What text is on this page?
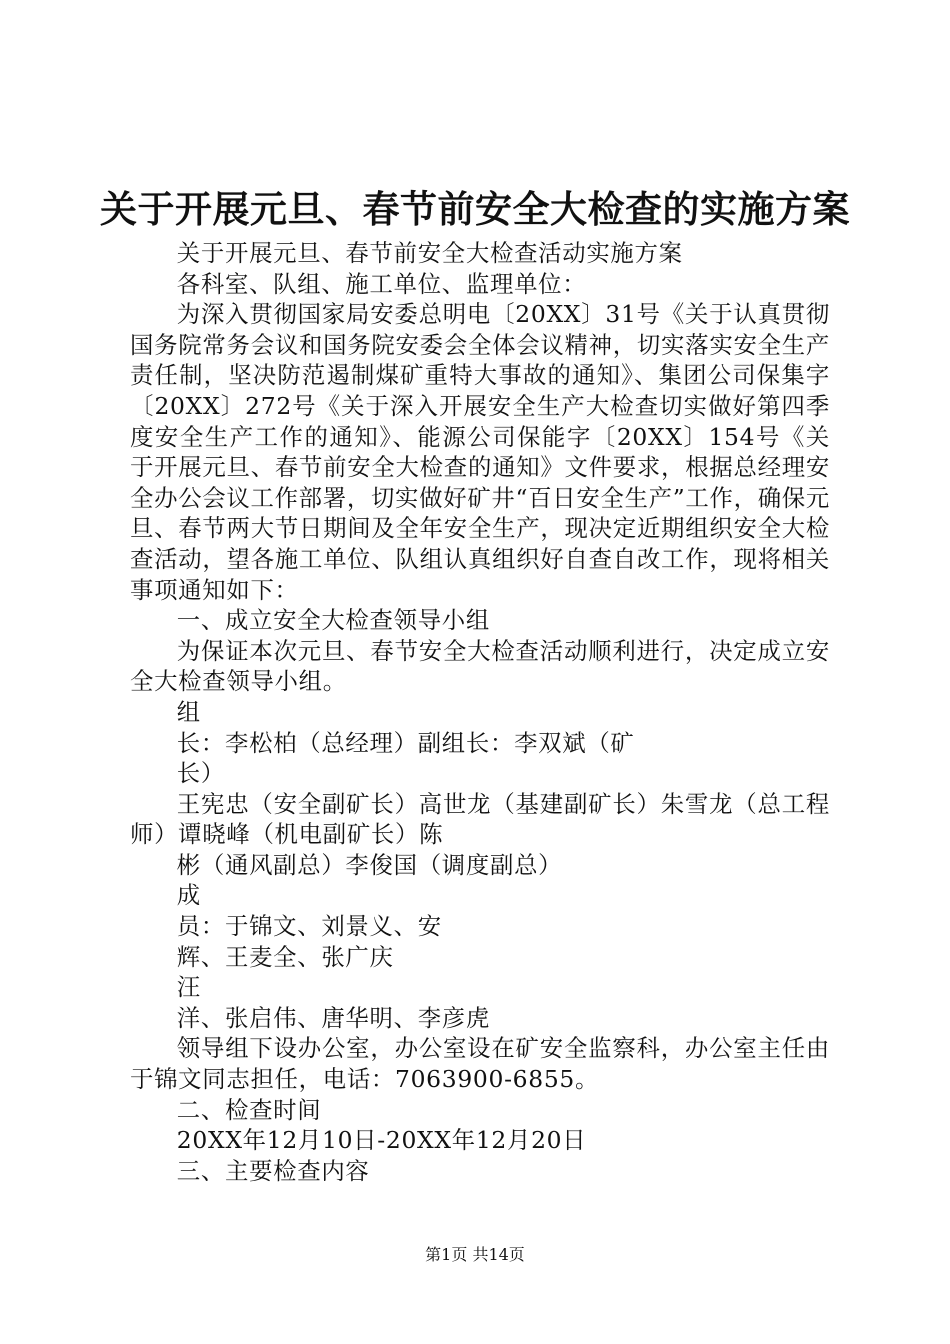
关于开展元旦、春节前安全大检查的实施方案

关于开展元旦、春节前安全大检查活动实施方案

各科室、队组、施工单位、监理单位：

为深入贯彻国家局安委总明电〔20XX〕31号《关于认真贯彻国务院常务会议和国务院安委会全体会议精神，切实落实安全生产责任制，坚决防范遏制煤矿重特大事故的通知》、集团公司保集字〔20XX〕272号《关于深入开展安全生产大检查切实做好第四季度安全生产工作的通知》、能源公司保能字〔20XX〕154号《关于开展元旦、春节前安全大检查的通知》文件要求，根据总经理安全办公会议工作部署，切实做好矿井“百日安全生产”工作，确保元旦、春节两大节日期间及全年安全生产，现决定近期组织安全大检查活动，望各施工单位、队组认真组织好自查自改工作，现将相关事项通知如下：

一、成立安全大检查领导小组

为保证本次元旦、春节安全大检查活动顺利进行，决定成立安全大检查领导小组。

组

长：李松柏（总经理）副组长：李双斌（矿

长）

王宪忠（安全副矿长）高世龙（基建副矿长）朱雪龙（总工程师）谭晓峰（机电副矿长）陈

彬（通风副总）李俊国（调度副总）

成

员：于锦文、刘景义、安

辉、王麦全、张广庆

汪

洋、张启伟、唐华明、李彦虎

领导组下设办公室，办公室设在矿安全监察科，办公室主任由于锦文同志担任，电话：7063900-6855。

二、检查时间

20XX年12月10日-20XX年12月20日

三、主要检查内容

第1页 共14页
